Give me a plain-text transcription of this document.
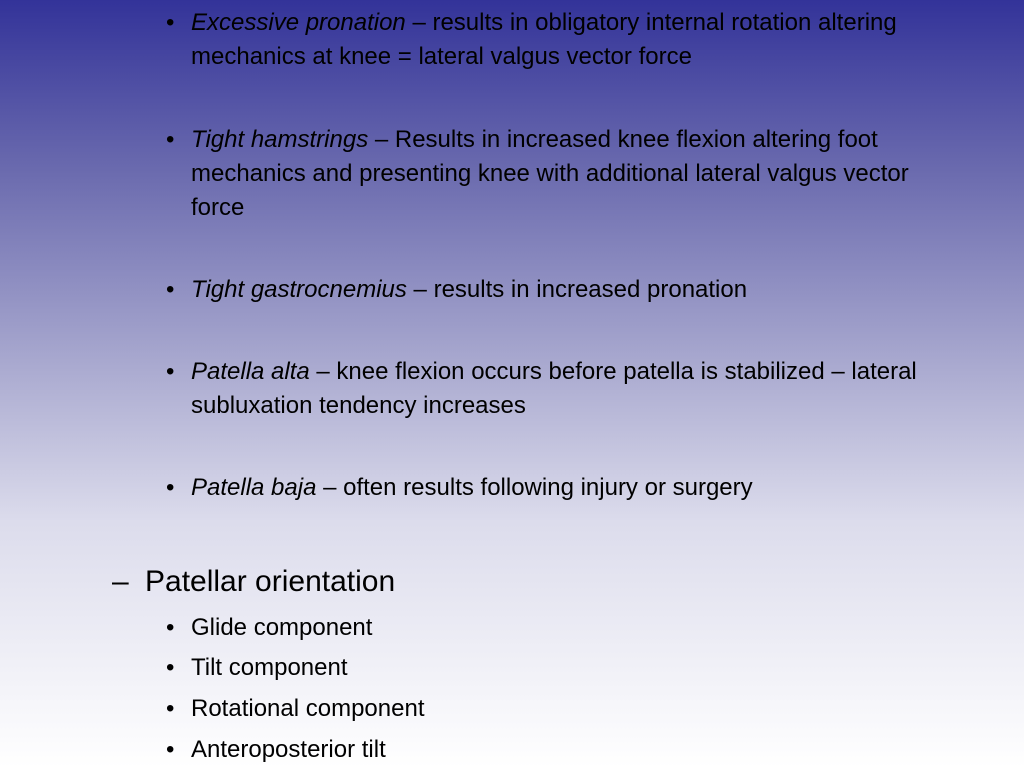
• Excessive pronation – results in obligatory internal rotation altering mechanics at knee = lateral valgus vector force
• Tight hamstrings – Results in increased knee flexion altering foot mechanics and presenting knee with additional lateral valgus vector force
• Tight gastrocnemius – results in increased pronation
• Patella alta – knee flexion occurs before patella is stabilized – lateral subluxation tendency increases
• Patella baja – often results following injury or surgery
– Patellar orientation
• Glide component
• Tilt component
• Rotational component
• Anteroposterior tilt
